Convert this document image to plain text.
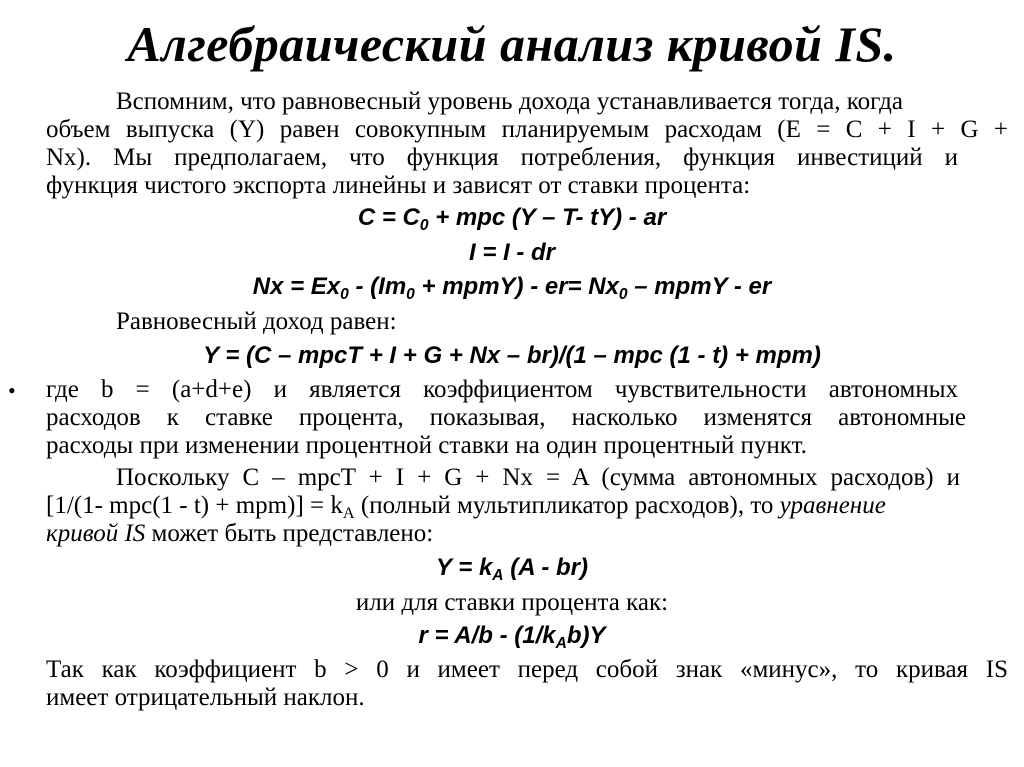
Алгебраический анализ кривой IS.
Вспомним, что равновесный уровень дохода устанавливается тогда, когда
объем выпуска (Y) равен совокупным планируемым расходам (E = C + I + G +
Nx). Мы предполагаем, что функция потребления, функция инвестиций и
функция чистого экспорта линейны и зависят от ставки процента:
$C = C_0$ + mpc (Y – T- tY) - ar
I = I - dr
$Nx = Ex_0 - (Im_0$ + mpmY) - $er= Nx_0$ – mpmY - er
Равновесный доход равен:
Y = (C – mpcT + I + G + Nx – br)/(1 – mpc (1 - t) + mpm)
• где b = (a+d+e) и является коэффициентом чувствительности автономных
расходов к ставке процента, показывая, насколько изменятся автономные
расходы при изменении процентной ставки на один процентный пункт.
Поскольку C – mpcT + I + G + Nx = A (сумма автономных расходов) и
[1/(1- $mpc(1 - t) + mpm)] = k_A$ (полный мультипликатор расходов), то уравнение
кривой IS может быть представлено:
$Y = k_A$ (A - br)
или для ставки процента как:
$r = A/b - (1/k_Ab)Y$
Так как коэффициент b > 0 и имеет перед собой знак «минус», то кривая IS
имеет отрицательный наклон.
